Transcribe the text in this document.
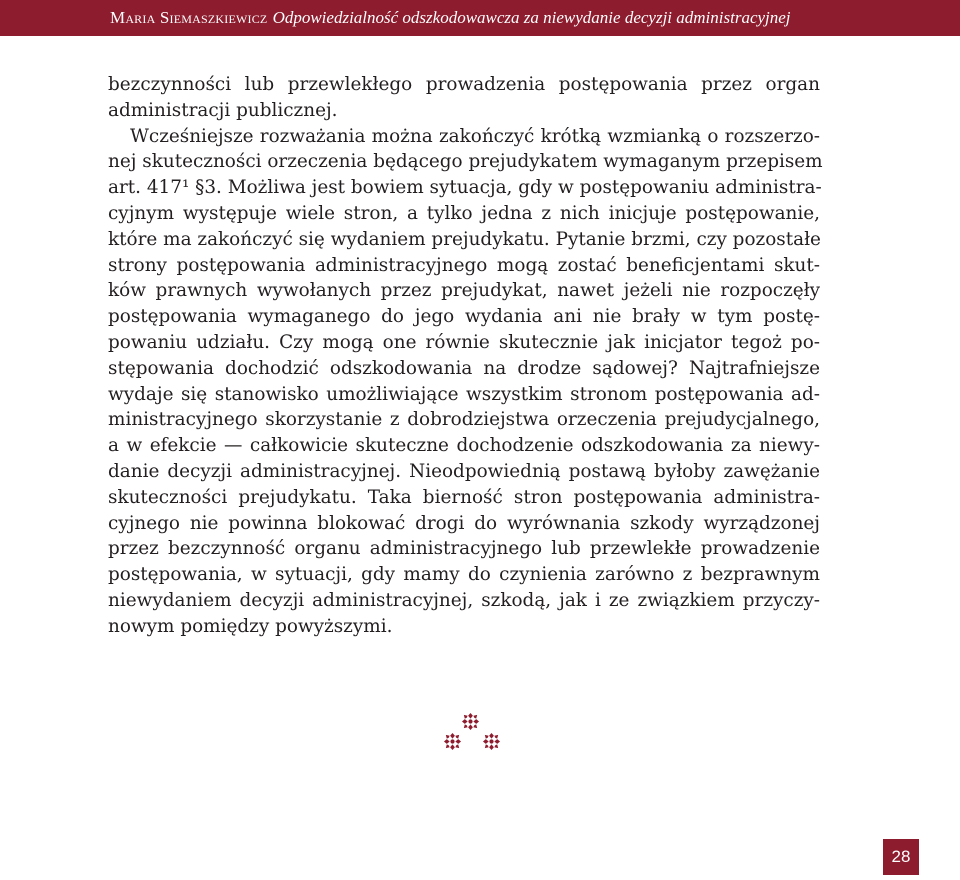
Maria Siemaszkiewicz Odpowiedzialność odszkodowawcza za niewydanie decyzji administracyjnej
bezczynności lub przewlekłego prowadzenia postępowania przez organ
administracji publicznej.
Wcześniejsze rozważania można zakończyć krótką wzmianką o rozszerzo-
nej skuteczności orzeczenia będącego prejudykatem wymaganym przepisem
art. 417¹ §3. Możliwa jest bowiem sytuacja, gdy w postępowaniu administra-
cyjnym występuje wiele stron, a tylko jedna z nich inicjuje postępowanie,
które ma zakończyć się wydaniem prejudykatu. Pytanie brzmi, czy pozostałe
strony postępowania administracyjnego mogą zostać beneficjentami skut-
ków prawnych wywołanych przez prejudykat, nawet jeżeli nie rozpoczęły
postępowania wymaganego do jego wydania ani nie brały w tym postę-
powaniu udziału. Czy mogą one równie skutecznie jak inicjator tegoż po-
stępowania dochodzić odszkodowania na drodze sądowej? Najtrafniejsze
wydaje się stanowisko umożliwiające wszystkim stronom postępowania ad-
ministracyjnego skorzystanie z dobrodziejstwa orzeczenia prejudycjalnego,
a w efekcie — całkowicie skuteczne dochodzenie odszkodowania za niewy-
danie decyzji administracyjnej. Nieodpowiednią postawą byłoby zawężanie
skuteczności prejudykatu. Taka bierność stron postępowania administra-
cyjnego nie powinna blokować drogi do wyrównania szkody wyrządzonej
przez bezczynność organu administracyjnego lub przewlekłe prowadzenie
postępowania, w sytuacji, gdy mamy do czynienia zarówno z bezprawnym
niewydaniem decyzji administracyjnej, szkodą, jak i ze związkiem przyczy-
nowym pomiędzy powyższymi.
28
